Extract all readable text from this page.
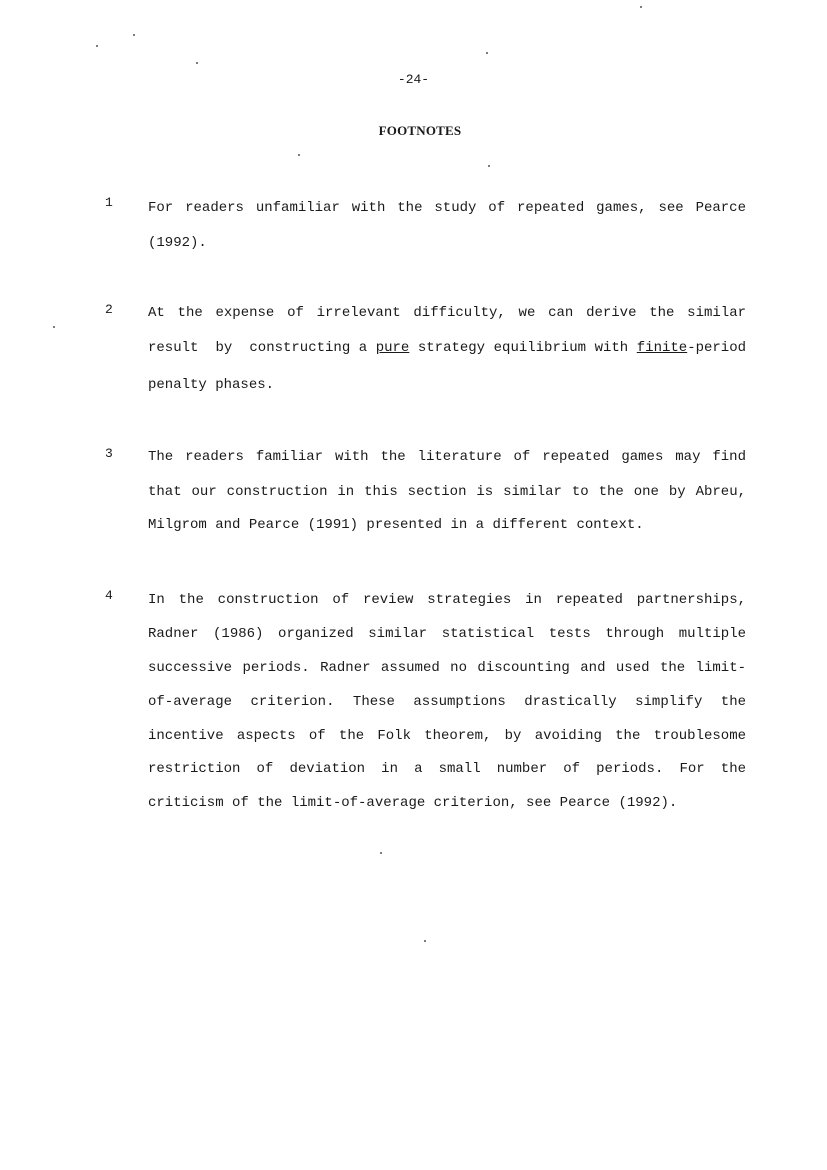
-24-
FOOTNOTES
1	For readers unfamiliar with the study of repeated games, see Pearce
(1992).
2	At the expense of irrelevant difficulty, we can derive the similar
result  by  constructing a pure strategy equilibrium with finite-period
penalty phases.
3	The readers familiar with the literature of repeated games may find
that our construction in this section is similar to the one by Abreu,
Milgrom and Pearce (1991) presented in a different context.
4	In the construction of review strategies in repeated partnerships,
Radner (1986) organized similar statistical tests through multiple
successive periods. Radner assumed no discounting and used the limit-
of-average criterion. These assumptions drastically simplify the
incentive aspects of the Folk theorem, by avoiding the troublesome
restriction of deviation in a small number of periods. For the
criticism of the limit-of-average criterion, see Pearce (1992).
